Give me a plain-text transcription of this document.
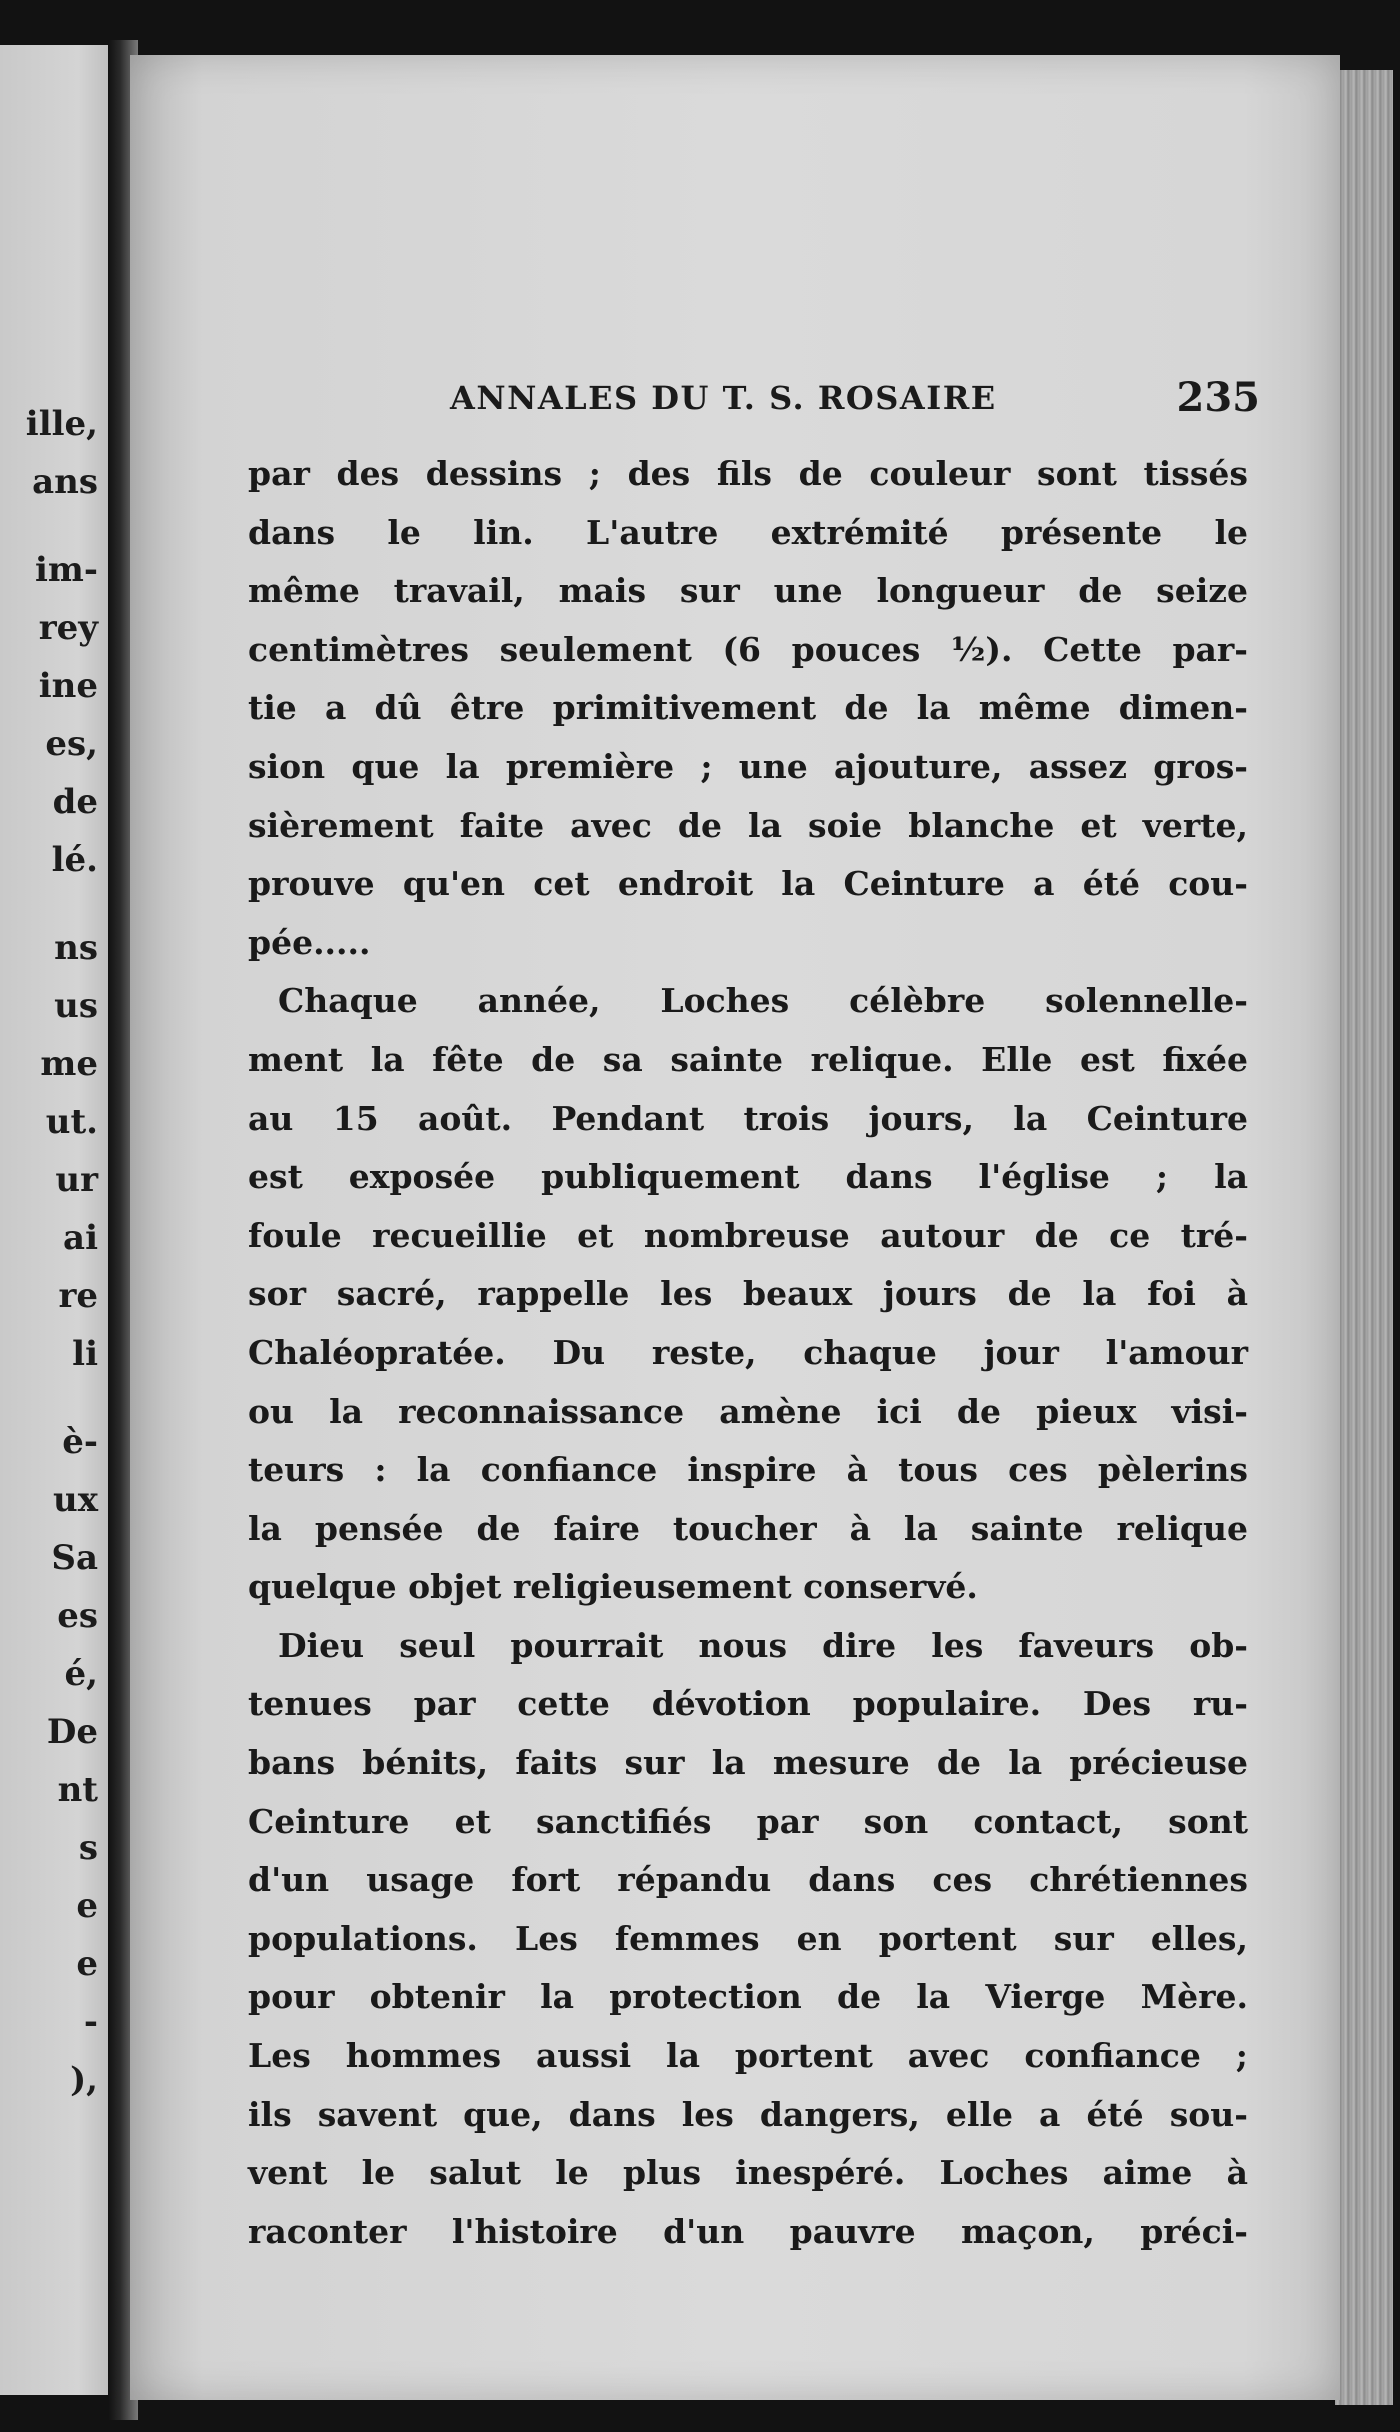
ille,
ans
im-
rey
ine
es,
de
lé.
ns
us
me
ut.
ur
ai
re
li
è-
ux
Sa
es
é,
De
nt
s
e
e
-
),
ANNALES DU T. S. ROSAIRE	235
par des dessins ; des fils de couleur sont tissés
dans le lin. L'autre extrémité présente le
même travail, mais sur une longueur de seize
centimètres seulement (6 pouces ½). Cette par-
tie a dû être primitivement de la même dimen-
sion que la première ; une ajouture, assez gros-
sièrement faite avec de la soie blanche et verte,
prouve qu'en cet endroit la Ceinture a été cou-
pée.....
Chaque année, Loches célèbre solennelle-
ment la fête de sa sainte relique. Elle est fixée
au 15 août. Pendant trois jours, la Ceinture
est exposée publiquement dans l'église ; la
foule recueillie et nombreuse autour de ce tré-
sor sacré, rappelle les beaux jours de la foi à
Chaléopratée. Du reste, chaque jour l'amour
ou la reconnaissance amène ici de pieux visi-
teurs : la confiance inspire à tous ces pèlerins
la pensée de faire toucher à la sainte relique
quelque objet religieusement conservé.
Dieu seul pourrait nous dire les faveurs ob-
tenues par cette dévotion populaire. Des ru-
bans bénits, faits sur la mesure de la précieuse
Ceinture et sanctifiés par son contact, sont
d'un usage fort répandu dans ces chrétiennes
populations. Les femmes en portent sur elles,
pour obtenir la protection de la Vierge Mère.
Les hommes aussi la portent avec confiance ;
ils savent que, dans les dangers, elle a été sou-
vent le salut le plus inespéré. Loches aime à
raconter l'histoire d'un pauvre maçon, préci-
